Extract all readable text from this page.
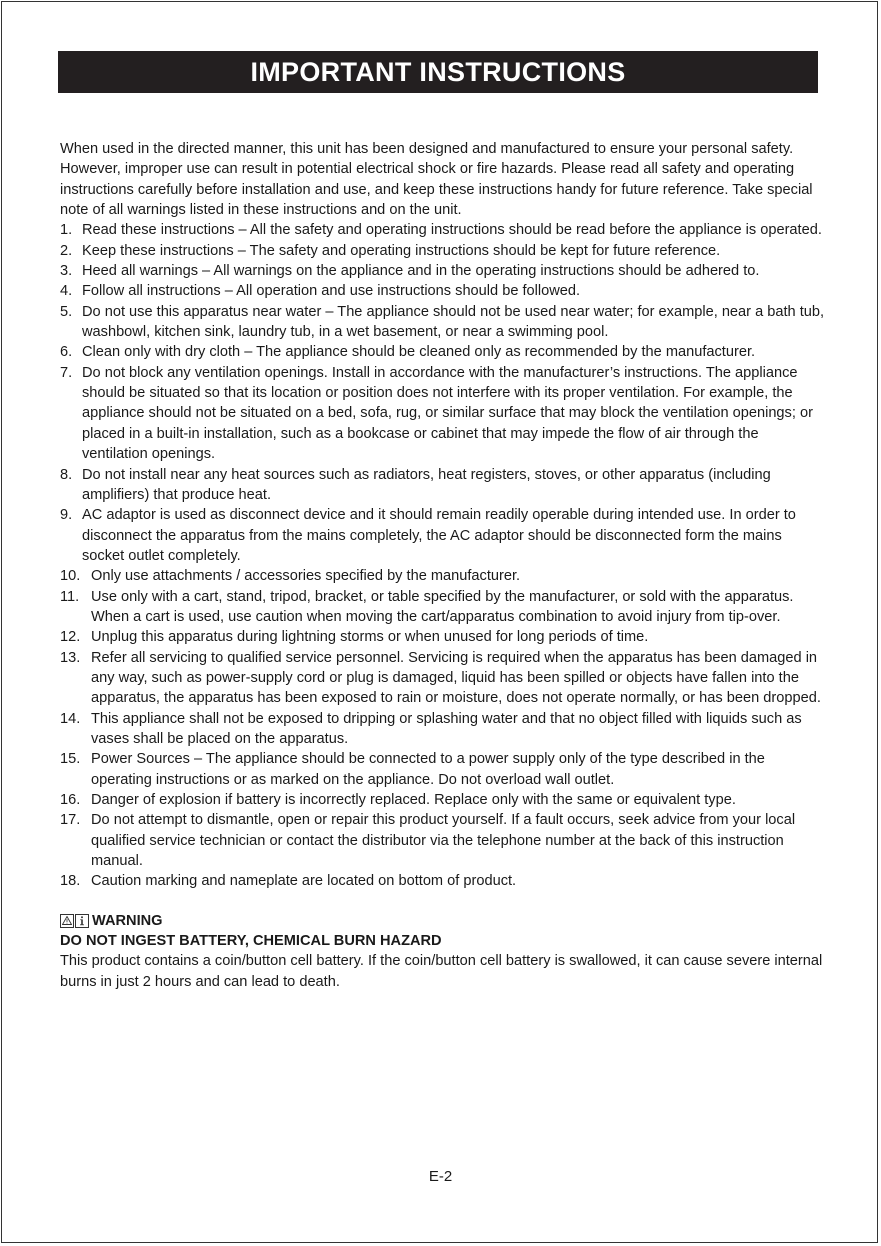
IMPORTANT INSTRUCTIONS

When used in the directed manner, this unit has been designed and manufactured to ensure your personal safety. However, improper use can result in potential electrical shock or fire hazards. Please read all safety and operating instructions carefully before installation and use, and keep these instructions handy for future reference. Take special note of all warnings listed in these instructions and on the unit.

1. Read these instructions – All the safety and operating instructions should be read before the appliance is operated.
2. Keep these instructions – The safety and operating instructions should be kept for future reference.
3. Heed all warnings – All warnings on the appliance and in the operating instructions should be adhered to.
4. Follow all instructions – All operation and use instructions should be followed.
5. Do not use this apparatus near water – The appliance should not be used near water; for example, near a bath tub, washbowl, kitchen sink, laundry tub, in a wet basement, or near a swimming pool.
6. Clean only with dry cloth – The appliance should be cleaned only as recommended by the manufacturer.
7. Do not block any ventilation openings. Install in accordance with the manufacturer’s instructions. The appliance should be situated so that its location or position does not interfere with its proper ventilation. For example, the appliance should not be situated on a bed, sofa, rug, or similar surface that may block the ventilation openings; or placed in a built-in installation, such as a bookcase or cabinet that may impede the flow of air through the ventilation openings.
8. Do not install near any heat sources such as radiators, heat registers, stoves, or other apparatus (including amplifiers) that produce heat.
9. AC adaptor is used as disconnect device and it should remain readily operable during intended use. In order to disconnect the apparatus from the mains completely, the AC adaptor should be disconnected form the mains socket outlet completely.
10. Only use attachments / accessories specified by the manufacturer.
11. Use only with a cart, stand, tripod, bracket, or table specified by the manufacturer, or sold with the apparatus. When a cart is used, use caution when moving the cart/apparatus combination to avoid injury from tip-over.
12. Unplug this apparatus during lightning storms or when unused for long periods of time.
13. Refer all servicing to qualified service personnel. Servicing is required when the apparatus has been damaged in any way, such as power-supply cord or plug is damaged, liquid has been spilled or objects have fallen into the apparatus, the apparatus has been exposed to rain or moisture, does not operate normally, or has been dropped.
14. This appliance shall not be exposed to dripping or splashing water and that no object filled with liquids such as vases shall be placed on the apparatus.
15. Power Sources – The appliance should be connected to a power supply only of the type described in the operating instructions or as marked on the appliance. Do not overload wall outlet.
16. Danger of explosion if battery is incorrectly replaced. Replace only with the same or equivalent type.
17. Do not attempt to dismantle, open or repair this product yourself. If a fault occurs, seek advice from your local qualified service technician or contact the distributor via the telephone number at the back of this instruction manual.
18. Caution marking and nameplate are located on bottom of product.
WARNING
DO NOT INGEST BATTERY, CHEMICAL BURN HAZARD

This product contains a coin/button cell battery. If the coin/button cell battery is swallowed, it can cause severe internal burns in just 2 hours and can lead to death.

E-2
